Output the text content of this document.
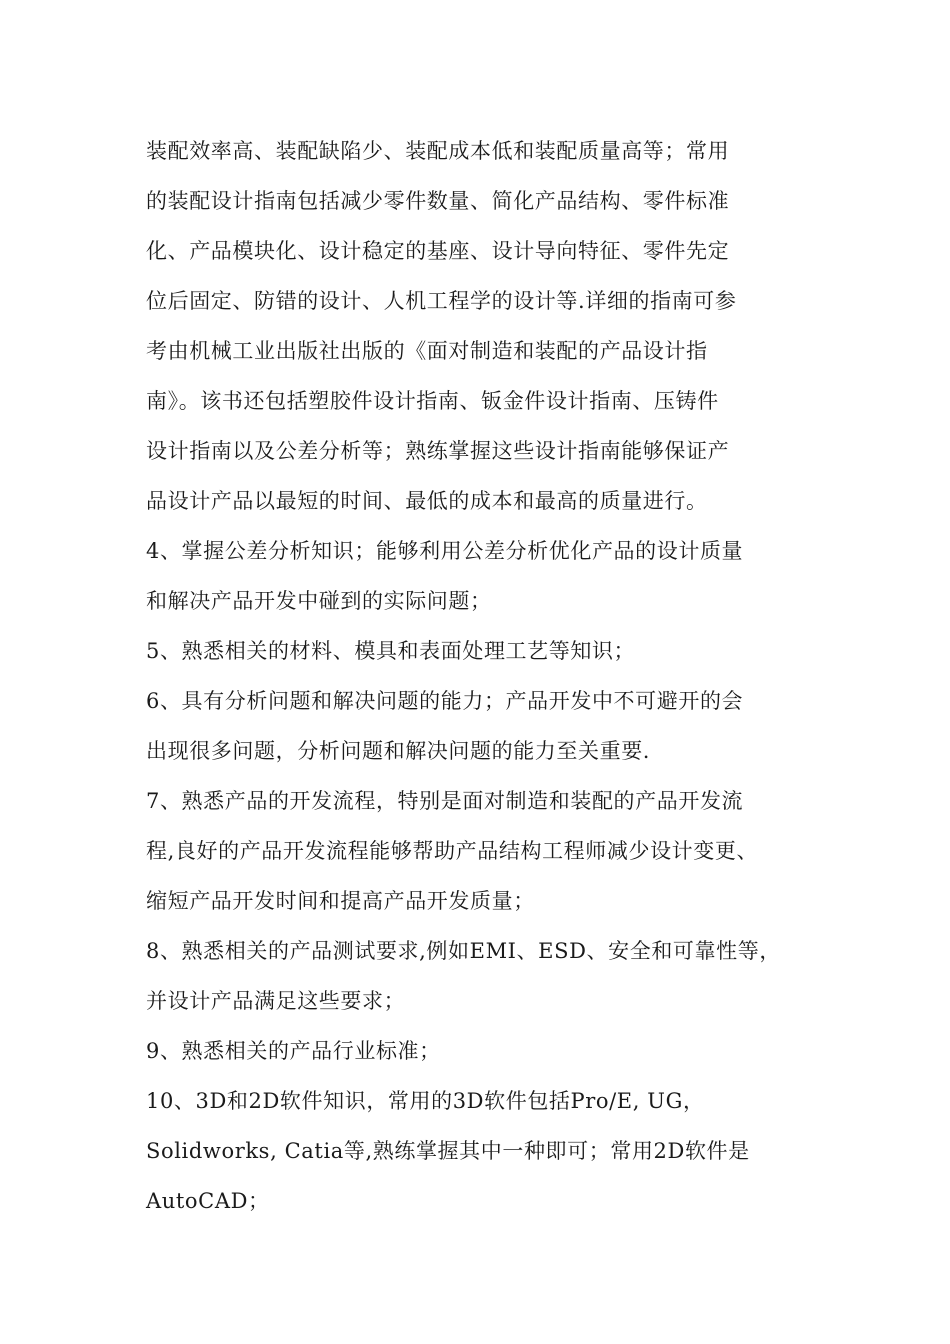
装配效率高、装配缺陷少、装配成本低和装配质量高等；常用
的装配设计指南包括减少零件数量、简化产品结构、零件标准
化、产品模块化、设计稳定的基座、设计导向特征、零件先定
位后固定、防错的设计、人机工程学的设计等.详细的指南可参
考由机械工业出版社出版的《面对制造和装配的产品设计指
南》。该书还包括塑胶件设计指南、钣金件设计指南、压铸件
设计指南以及公差分析等；熟练掌握这些设计指南能够保证产
品设计产品以最短的时间、最低的成本和最高的质量进行。
4、掌握公差分析知识；能够利用公差分析优化产品的设计质量
和解决产品开发中碰到的实际问题；
5、熟悉相关的材料、模具和表面处理工艺等知识；
6、具有分析问题和解决问题的能力；产品开发中不可避开的会
出现很多问题，分析问题和解决问题的能力至关重要.
7、熟悉产品的开发流程，特别是面对制造和装配的产品开发流
程,良好的产品开发流程能够帮助产品结构工程师减少设计变更、
缩短产品开发时间和提高产品开发质量；
8、熟悉相关的产品测试要求,例如EMI、ESD、安全和可靠性等，
并设计产品满足这些要求；
9、熟悉相关的产品行业标准；
10、3D和2D软件知识，常用的3D软件包括Pro/E, UG，
Solidworks, Catia等,熟练掌握其中一种即可；常用2D软件是
AutoCAD；
